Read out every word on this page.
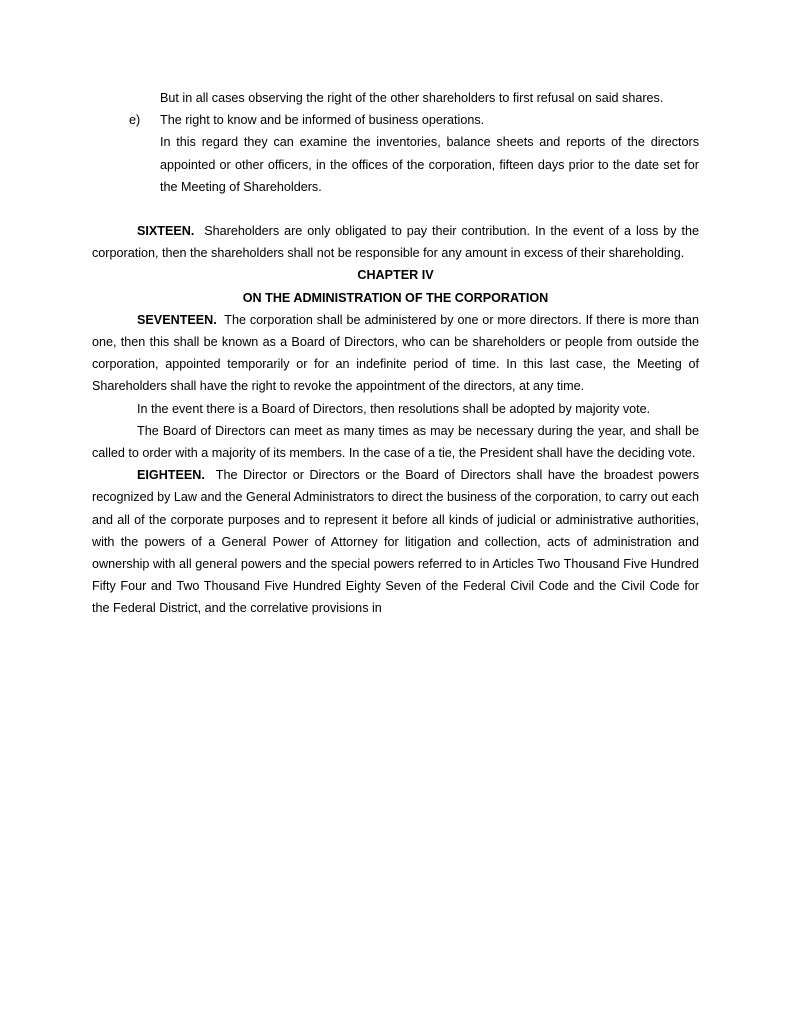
But in all cases observing the right of the other shareholders to first refusal on said shares.
e) The right to know and be informed of business operations.
In this regard they can examine the inventories, balance sheets and reports of the directors appointed or other officers, in the offices of the corporation, fifteen days prior to the date set for the Meeting of Shareholders.

SIXTEEN. Shareholders are only obligated to pay their contribution. In the event of a loss by the corporation, then the shareholders shall not be responsible for any amount in excess of their shareholding.

CHAPTER IV

ON THE ADMINISTRATION OF THE CORPORATION

SEVENTEEN. The corporation shall be administered by one or more directors. If there is more than one, then this shall be known as a Board of Directors, who can be shareholders or people from outside the corporation, appointed temporarily or for an indefinite period of time. In this last case, the Meeting of Shareholders shall have the right to revoke the appointment of the directors, at any time.

In the event there is a Board of Directors, then resolutions shall be adopted by majority vote.

The Board of Directors can meet as many times as may be necessary during the year, and shall be called to order with a majority of its members. In the case of a tie, the President shall have the deciding vote.

EIGHTEEN. The Director or Directors or the Board of Directors shall have the broadest powers recognized by Law and the General Administrators to direct the business of the corporation, to carry out each and all of the corporate purposes and to represent it before all kinds of judicial or administrative authorities, with the powers of a General Power of Attorney for litigation and collection, acts of administration and ownership with all general powers and the special powers referred to in Articles Two Thousand Five Hundred Fifty Four and Two Thousand Five Hundred Eighty Seven of the Federal Civil Code and the Civil Code for the Federal District, and the correlative provisions in
